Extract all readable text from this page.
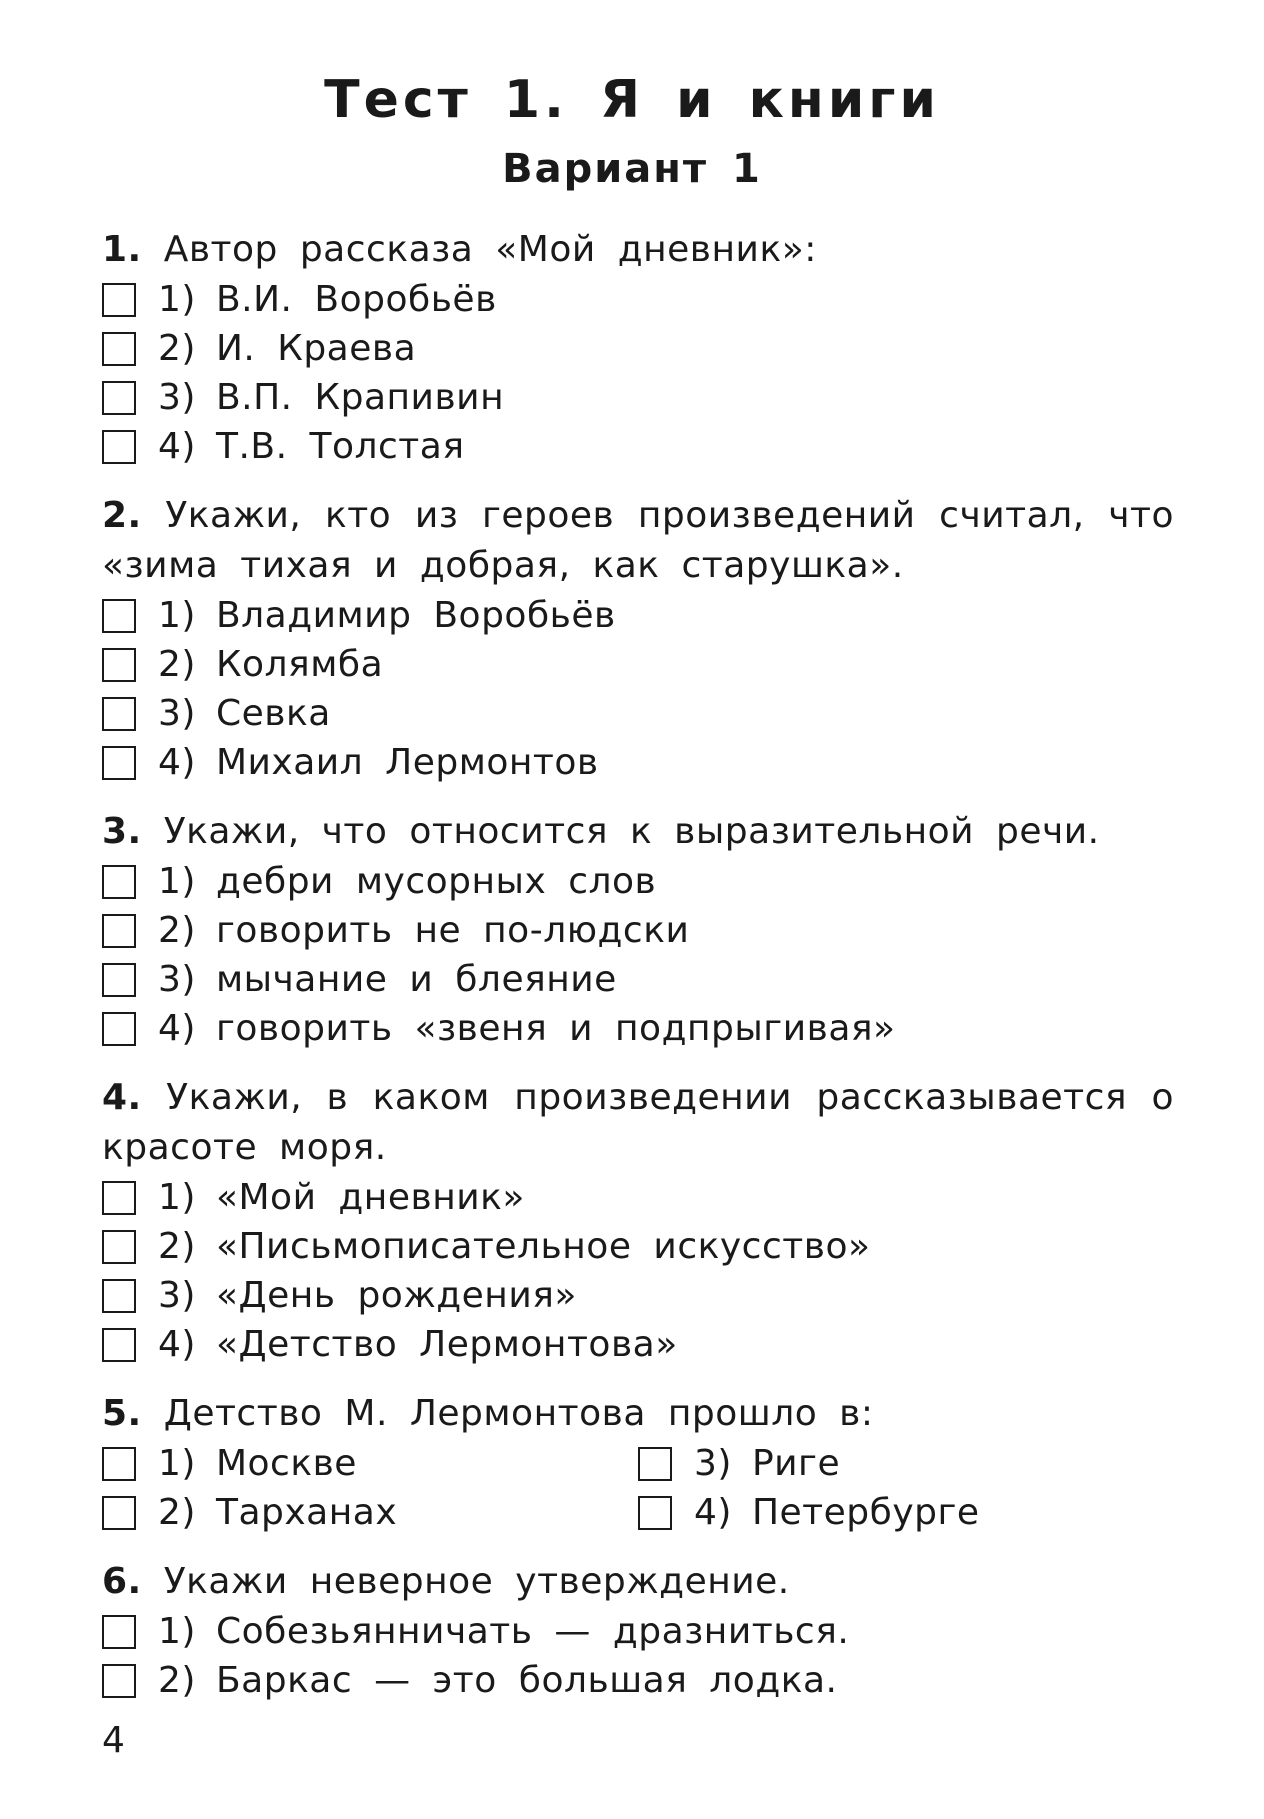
Тест 1. Я и книги
Вариант 1
1. Автор рассказа «Мой дневник»:
1) В.И. Воробьёв
2) И. Краева
3) В.П. Крапивин
4) Т.В. Толстая
2. Укажи, кто из героев произведений считал, что «зима тихая и добрая, как старушка».
1) Владимир Воробьёв
2) Колямба
3) Севка
4) Михаил Лермонтов
3. Укажи, что относится к выразительной речи.
1) дебри мусорных слов
2) говорить не по-людски
3) мычание и блеяние
4) говорить «звеня и подпрыгивая»
4. Укажи, в каком произведении рассказывается о красоте моря.
1) «Мой дневник»
2) «Письмописательное искусство»
3) «День рождения»
4) «Детство Лермонтова»
5. Детство М. Лермонтова прошло в:
1) Москве
2) Тарханах
3) Риге
4) Петербурге
6. Укажи неверное утверждение.
1) Собезьянничать — дразниться.
2) Баркас — это большая лодка.
4
